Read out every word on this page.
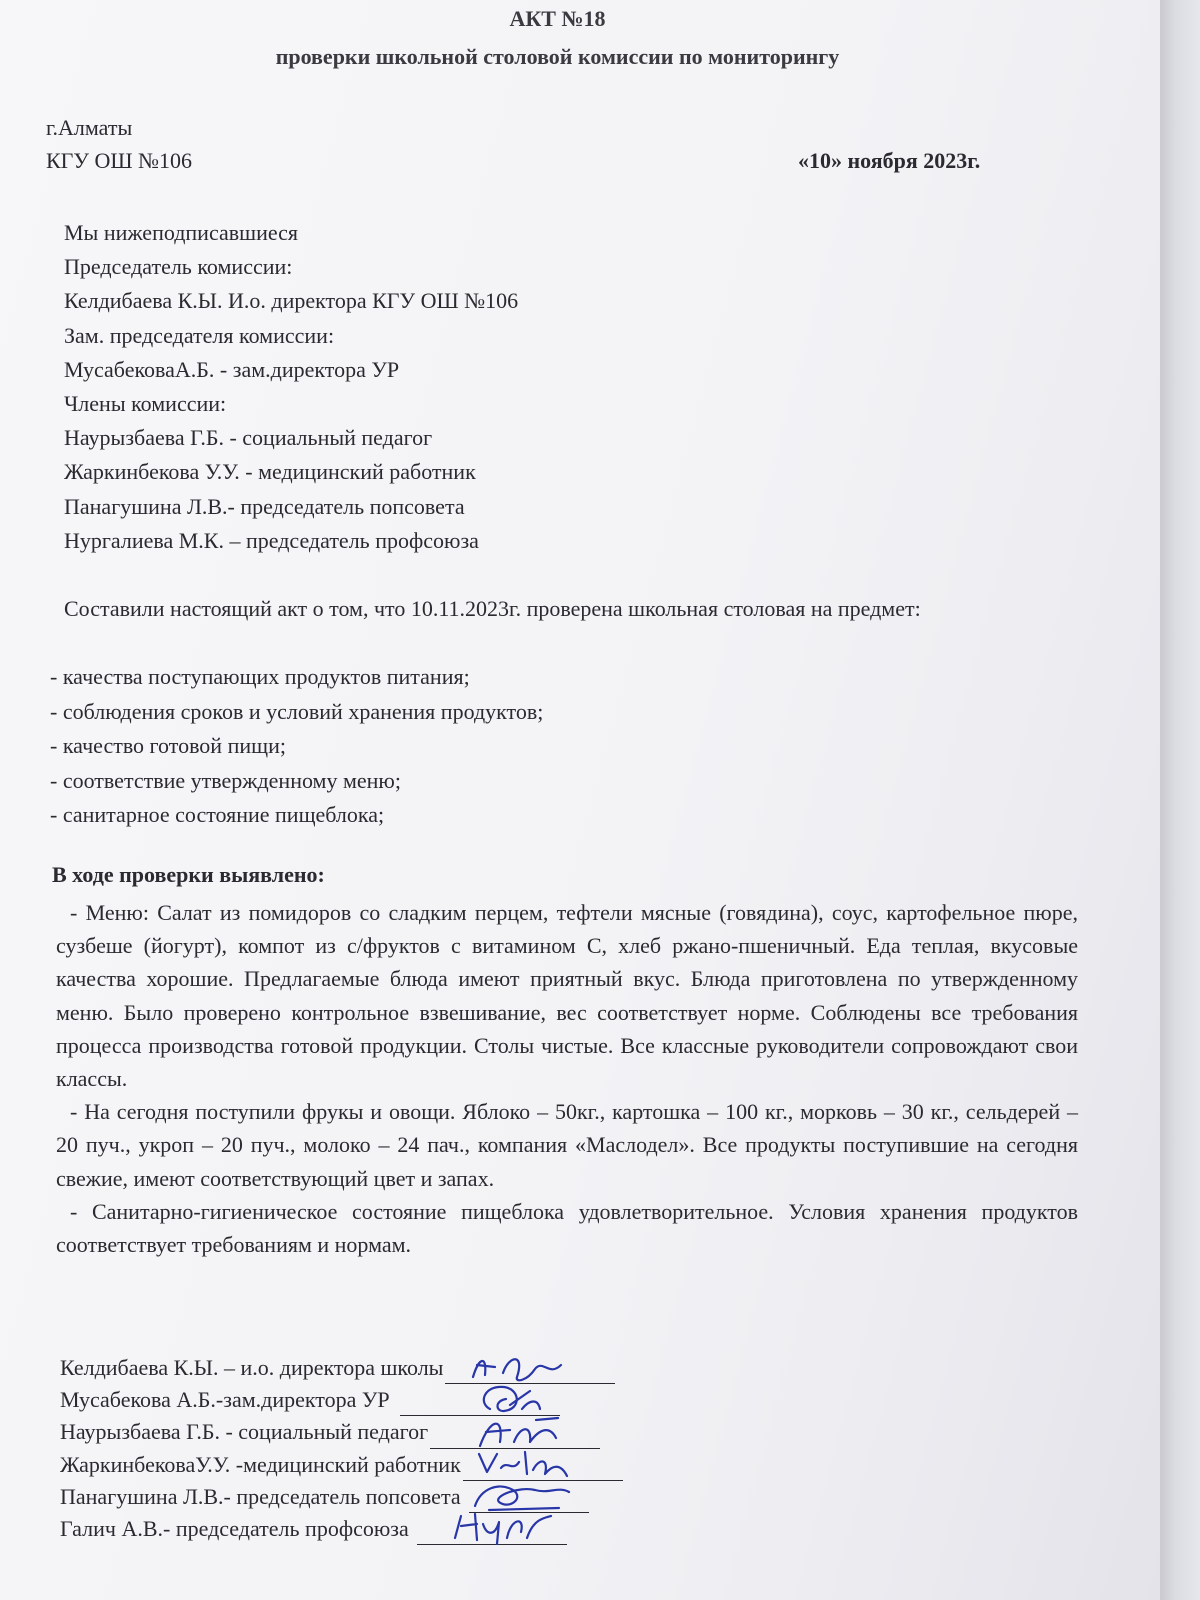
АКТ №18
проверки школьной столовой комиссии по мониторингу
г.Алматы
КГУ ОШ №106	«10» ноября 2023г.
Мы нижеподписавшиеся
Председатель комиссии:
Келдибаева К.Ы. И.о. директора КГУ ОШ №106
Зам. председателя комиссии:
МусабековаА.Б. - зам.директора УР
Члены комиссии:
Наурызбаева Г.Б. - социальный педагог
Жаркинбекова У.У. - медицинский работник
Панагушина Л.В.- председатель попсовета
Нургалиева М.К. – председатель профсоюза
Составили настоящий акт о том, что 10.11.2023г. проверена школьная столовая на предмет:
- качества поступающих продуктов питания;
- соблюдения сроков и условий хранения продуктов;
- качество готовой пищи;
- соответствие утвержденному меню;
- санитарное состояние пищеблока;
В ходе проверки выявлено:

- Меню: Салат из помидоров со сладким перцем, тефтели мясные (говядина), соус, картофельное пюре, сузбеше (йогурт), компот из с/фруктов с витамином С, хлеб ржано-пшеничный. Еда теплая, вкусовые качества хорошие. Предлагаемые блюда имеют приятный вкус. Блюда приготовлена по утвержденному меню. Было проверено контрольное взвешивание, вес соответствует норме. Соблюдены все требования процесса производства готовой продукции. Столы чистые. Все классные руководители сопровождают свои классы.

- На сегодня поступили фрукы и овощи. Яблоко – 50кг., картошка – 100 кг., морковь – 30 кг., сельдерей – 20 пуч., укроп – 20 пуч., молоко – 24 пач., компания «Маслодел». Все продукты поступившие на сегодня свежие, имеют соответствующий цвет и запах.

- Санитарно-гигиеническое состояние пищеблока удовлетворительное. Условия хранения продуктов соответствует требованиям и нормам.

Келдибаева К.Ы. – и.о. директора школы
Мусабекова А.Б.-зам.директора УР
Наурызбаева Г.Б. - социальный педагог
ЖаркинбековаУ.У. -медицинский работник
Панагушина Л.В.- председатель попсовета
Галич А.В.- председатель профсоюза
